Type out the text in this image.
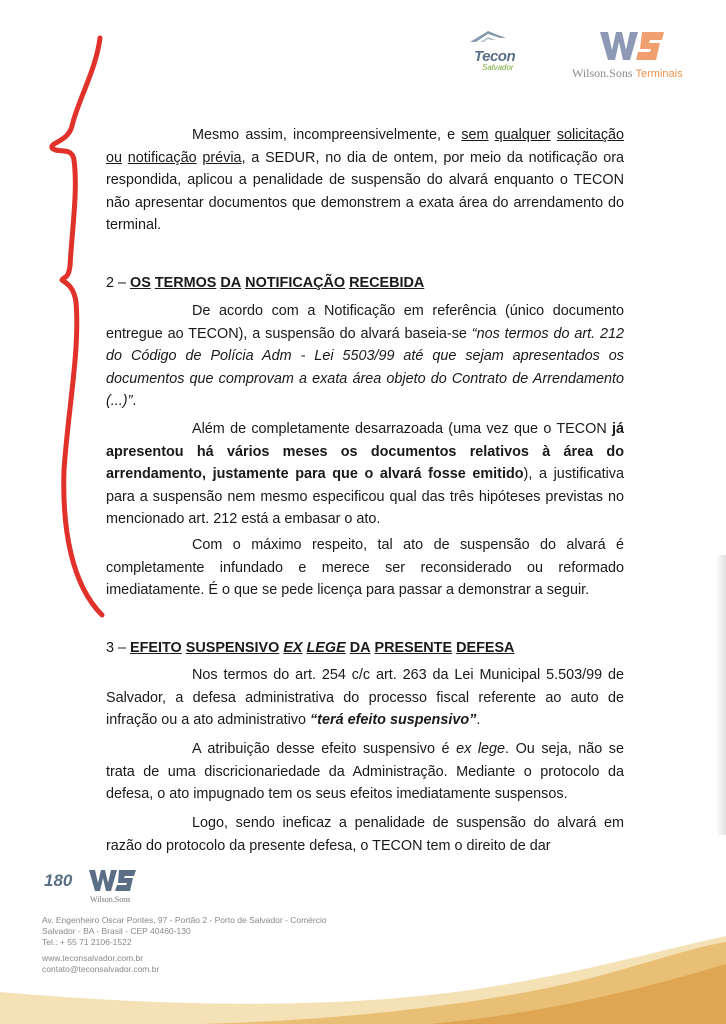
Tecon
Salvador	Wilson.Sons Terminais

Mesmo assim, incompreensivelmente, e sem qualquer solicitação ou notificação prévia, a SEDUR, no dia de ontem, por meio da notificação ora respondida, aplicou a penalidade de suspensão do alvará enquanto o TECON não apresentar documentos que demonstrem a exata área do arrendamento do terminal.

2 – OS TERMOS DA NOTIFICAÇÃO RECEBIDA

De acordo com a Notificação em referência (único documento entregue ao TECON), a suspensão do alvará baseia-se “nos termos do art. 212 do Código de Polícia Adm - Lei 5503/99 até que sejam apresentados os documentos que comprovam a exata área objeto do Contrato de Arrendamento (...)”.

Além de completamente desarrazoada (uma vez que o TECON já apresentou há vários meses os documentos relativos à área do arrendamento, justamente para que o alvará fosse emitido), a justificativa para a suspensão nem mesmo especificou qual das três hipóteses previstas no mencionado art. 212 está a embasar o ato.

Com o máximo respeito, tal ato de suspensão do alvará é completamente infundado e merece ser reconsiderado ou reformado imediatamente. É o que se pede licença para passar a demonstrar a seguir.

3 – EFEITO SUSPENSIVO EX LEGE DA PRESENTE DEFESA

Nos termos do art. 254 c/c art. 263 da Lei Municipal 5.503/99 de Salvador, a defesa administrativa do processo fiscal referente ao auto de infração ou a ato administrativo “terá efeito suspensivo”.

A atribuição desse efeito suspensivo é ex lege. Ou seja, não se trata de uma discricionariedade da Administração. Mediante o protocolo da defesa, o ato impugnado tem os seus efeitos imediatamente suspensos.

Logo, sendo ineficaz a penalidade de suspensão do alvará em razão do protocolo da presente defesa, o TECON tem o direito de dar

180
Wilson.Sons
Av. Engenheiro Oscar Pontes, 97 - Portão 2 - Porto de Salvador - Comércio
Salvador - BA - Brasil - CEP 40460-130
Tel.: + 55 71 2106-1522
www.teconsalvador.com.br
contato@teconsalvador.com.br
